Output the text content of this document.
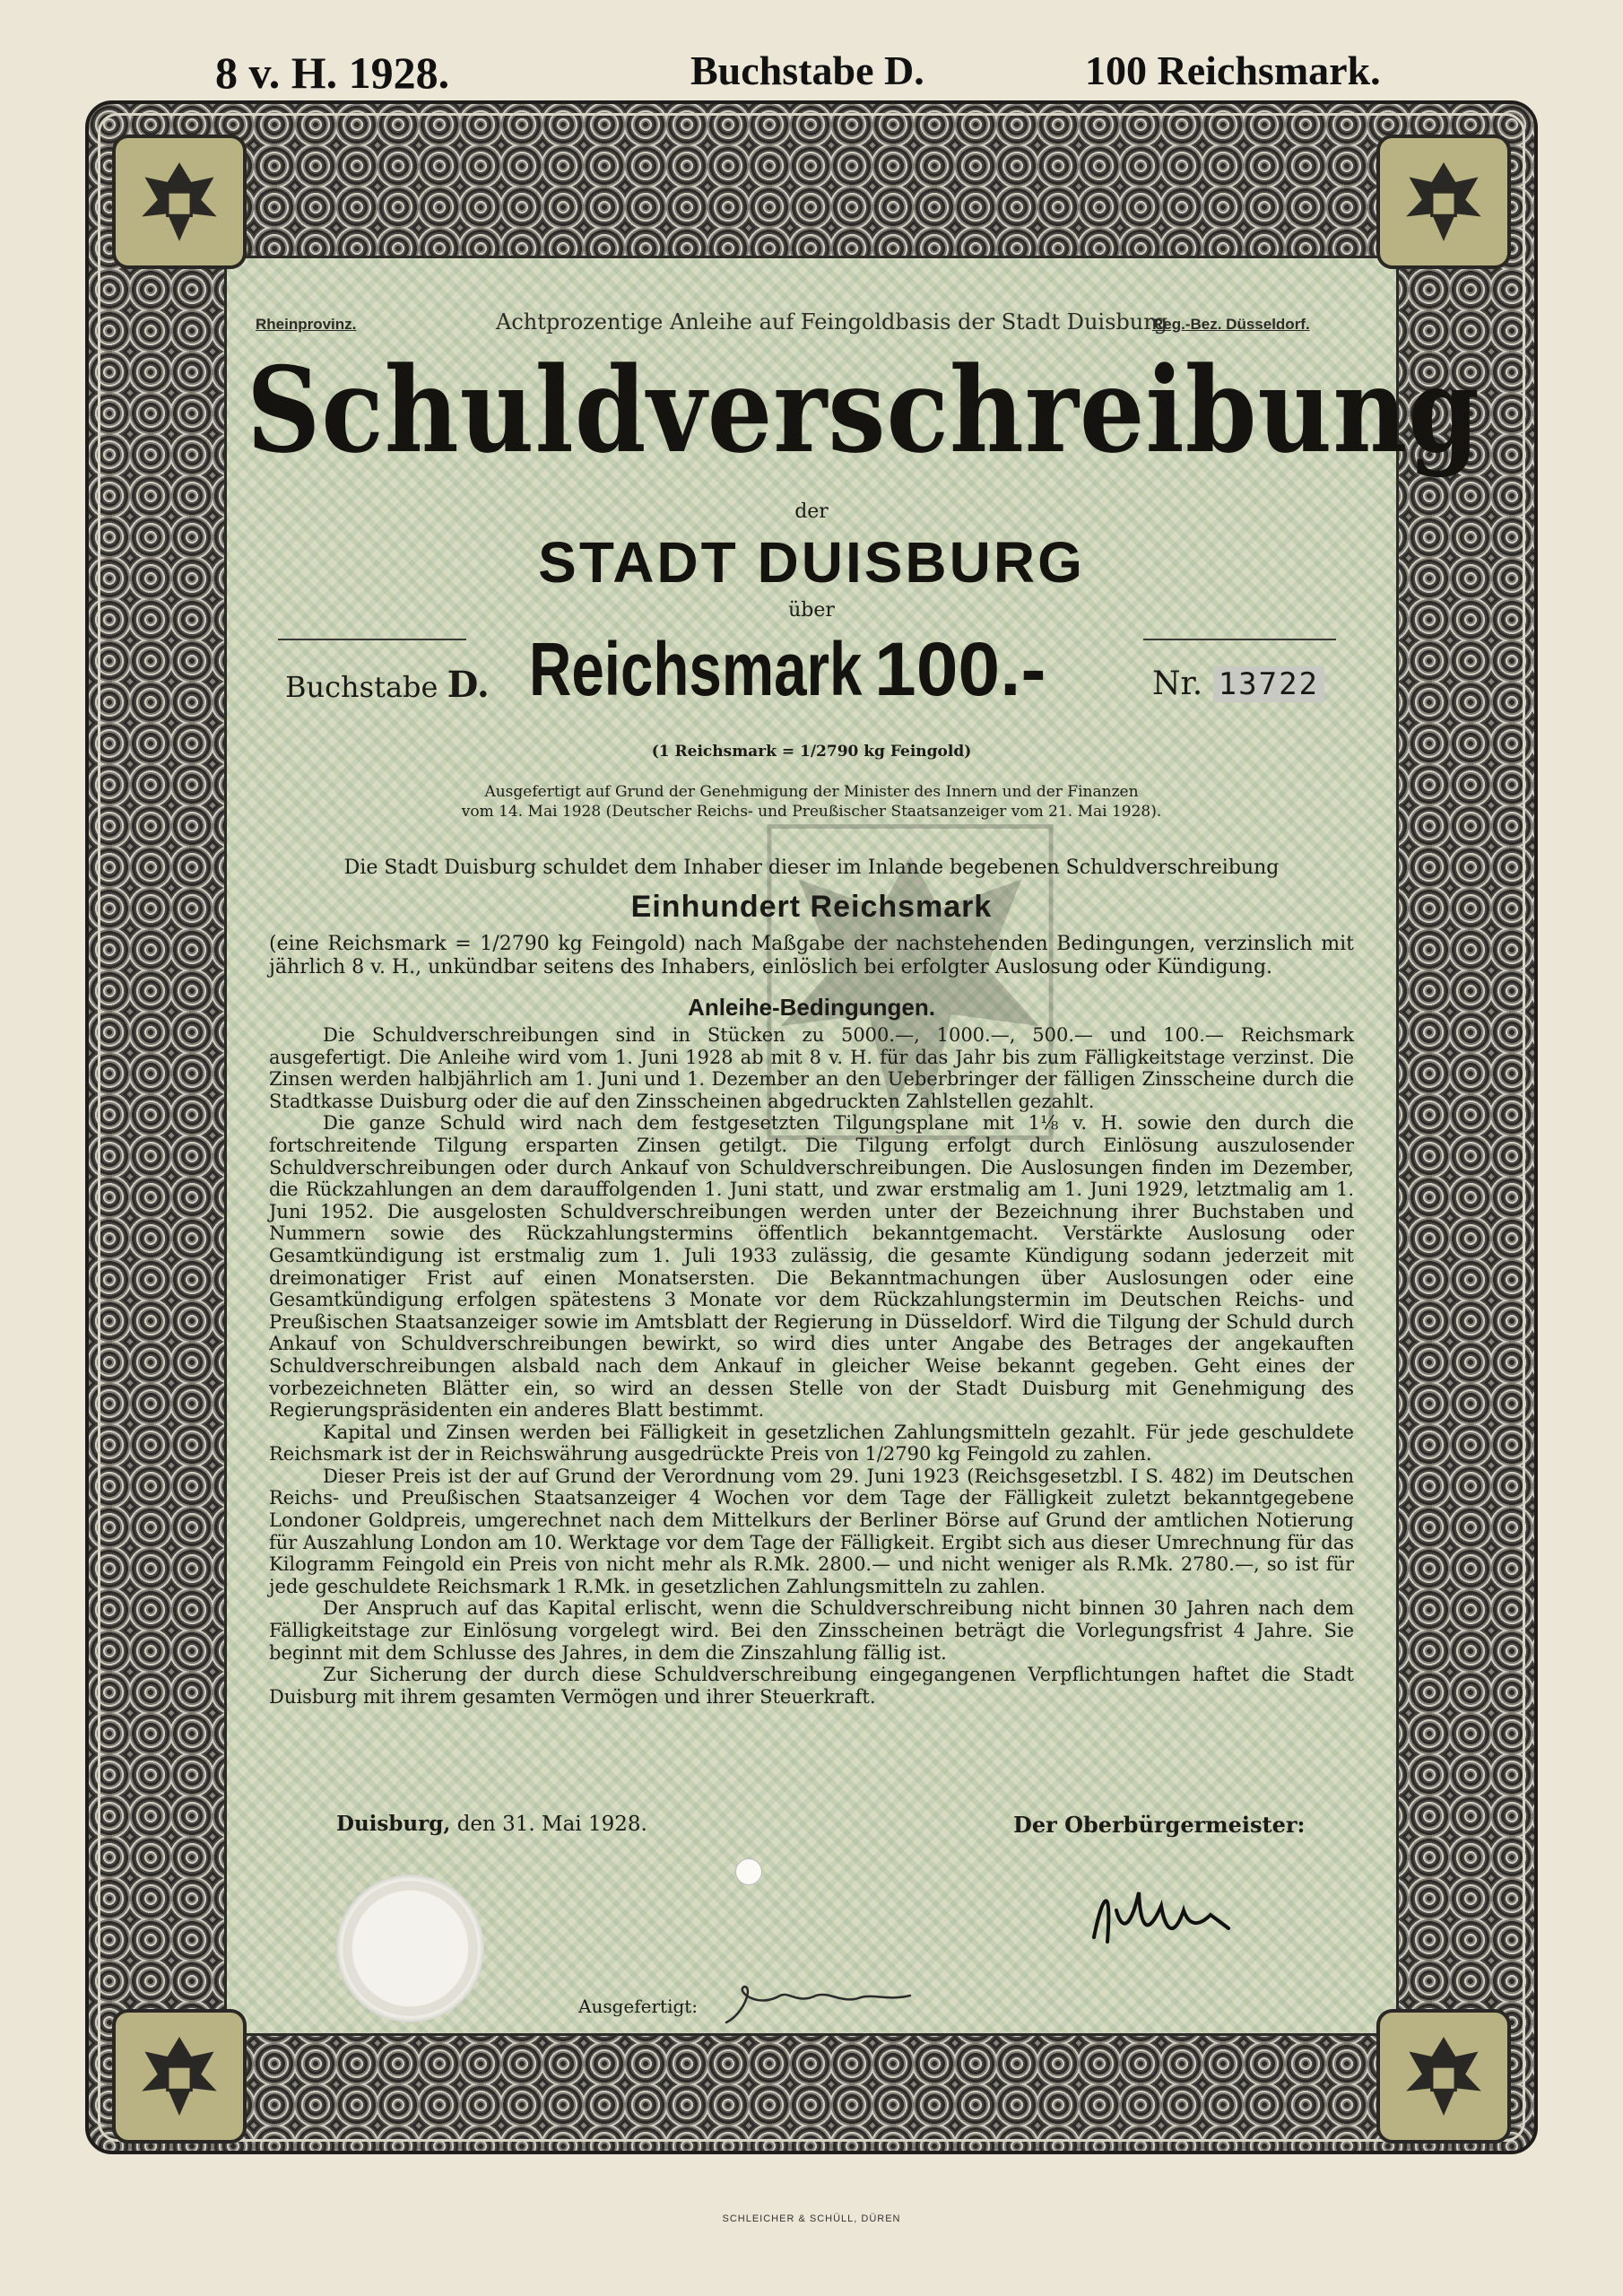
8 v. H. 1928.	Buchstabe D.	100 Reichsmark.
Rheinprovinz.	Achtprozentige Anleihe auf Feingoldbasis der Stadt Duisburg
Reg.-Bez. Düsseldorf.
Schuldverschreibung
der
STADT DUISBURG
über
Buchstabe D. Reichsmark 100.-	Nr. 13722
(1 Reichsmark = 1/2790 kg Feingold)
Ausgefertigt auf Grund der Genehmigung der Minister des Innern und der Finanzen
vom 14. Mai 1928 (Deutscher Reichs- und Preußischer Staatsanzeiger vom 21. Mai 1928).
Die Stadt Duisburg schuldet dem Inhaber dieser im Inlande begebenen Schuldverschreibung
Einhundert Reichsmark
(eine Reichsmark = 1/2790 kg Feingold) nach Maßgabe der nachstehenden Bedingungen, verzinslich mit jährlich 8 v. H., unkündbar seitens des Inhabers, einlöslich bei erfolgter Auslosung oder Kündigung.
Anleihe-Bedingungen.

Die Schuldverschreibungen sind in Stücken zu 5000.—, 1000.—, 500.— und 100.— Reichsmark ausgefertigt. Die Anleihe wird vom 1. Juni 1928 ab mit 8 v. H. für das Jahr bis zum Fälligkeitstage verzinst. Die Zinsen werden halbjährlich am 1. Juni und 1. Dezember an den Ueberbringer der fälligen Zinsscheine durch die Stadtkasse Duisburg oder die auf den Zinsscheinen abgedruckten Zahlstellen gezahlt.

Die ganze Schuld wird nach dem festgesetzten Tilgungsplane mit 1⅛ v. H. sowie den durch die fortschreitende Tilgung ersparten Zinsen getilgt. Die Tilgung erfolgt durch Einlösung auszulosender Schuldverschreibungen oder durch Ankauf von Schuldverschreibungen. Die Auslosungen finden im Dezember, die Rückzahlungen an dem darauffolgenden 1. Juni statt, und zwar erstmalig am 1. Juni 1929, letztmalig am 1. Juni 1952. Die ausgelosten Schuldverschreibungen werden unter der Bezeichnung ihrer Buchstaben und Nummern sowie des Rückzahlungstermins öffentlich bekanntgemacht. Verstärkte Auslosung oder Gesamtkündigung ist erstmalig zum 1. Juli 1933 zulässig, die gesamte Kündigung sodann jederzeit mit dreimonatiger Frist auf einen Monatsersten. Die Bekanntmachungen über Auslosungen oder eine Gesamtkündigung erfolgen spätestens 3 Monate vor dem Rückzahlungstermin im Deutschen Reichs- und Preußischen Staatsanzeiger sowie im Amtsblatt der Regierung in Düsseldorf. Wird die Tilgung der Schuld durch Ankauf von Schuldverschreibungen bewirkt, so wird dies unter Angabe des Betrages der angekauften Schuldverschreibungen alsbald nach dem Ankauf in gleicher Weise bekannt gegeben. Geht eines der vorbezeichneten Blätter ein, so wird an dessen Stelle von der Stadt Duisburg mit Genehmigung des Regierungspräsidenten ein anderes Blatt bestimmt.

Kapital und Zinsen werden bei Fälligkeit in gesetzlichen Zahlungsmitteln gezahlt. Für jede geschuldete Reichsmark ist der in Reichswährung ausgedrückte Preis von 1/2790 kg Feingold zu zahlen.

Dieser Preis ist der auf Grund der Verordnung vom 29. Juni 1923 (Reichsgesetzbl. I S. 482) im Deutschen Reichs- und Preußischen Staatsanzeiger 4 Wochen vor dem Tage der Fälligkeit zuletzt bekanntgegebene Londoner Goldpreis, umgerechnet nach dem Mittelkurs der Berliner Börse auf Grund der amtlichen Notierung für Auszahlung London am 10. Werktage vor dem Tage der Fälligkeit. Ergibt sich aus dieser Umrechnung für das Kilogramm Feingold ein Preis von nicht mehr als R.Mk. 2800.— und nicht weniger als R.Mk. 2780.—, so ist für jede geschuldete Reichsmark 1 R.Mk. in gesetzlichen Zahlungsmitteln zu zahlen.

Der Anspruch auf das Kapital erlischt, wenn die Schuldverschreibung nicht binnen 30 Jahren nach dem Fälligkeitstage zur Einlösung vorgelegt wird. Bei den Zinsscheinen beträgt die Vorlegungsfrist 4 Jahre. Sie beginnt mit dem Schlusse des Jahres, in dem die Zinszahlung fällig ist.

Zur Sicherung der durch diese Schuldverschreibung eingegangenen Verpflichtungen haftet die Stadt Duisburg mit ihrem gesamten Vermögen und ihrer Steuerkraft.

Duisburg, den 31. Mai 1928.	Der Oberbürgermeister:
Ausgefertigt:
SCHLEICHER & SCHÜLL, DÜREN
